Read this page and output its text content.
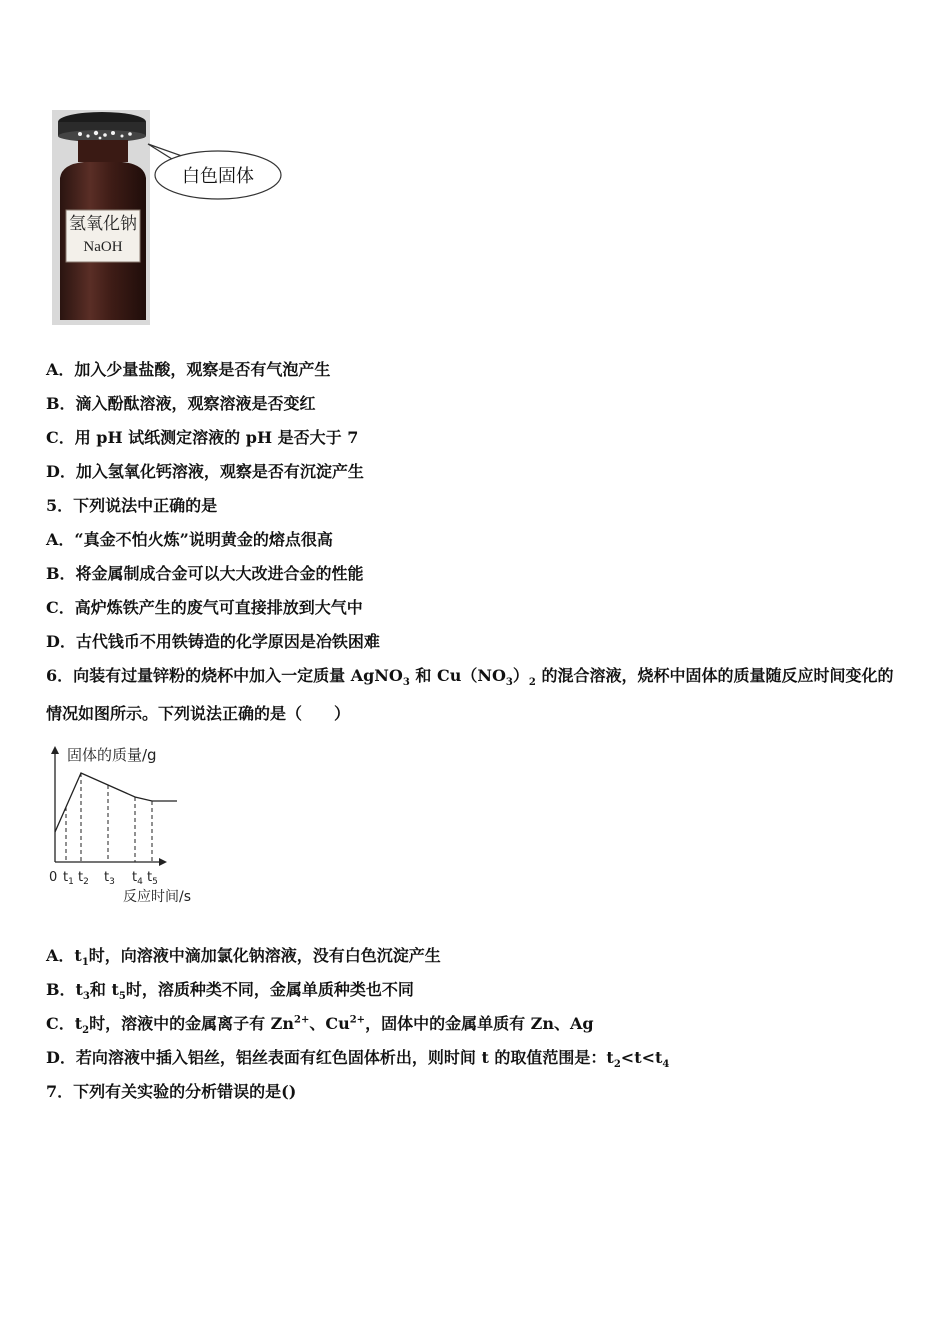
氢氧化钠
NaOH
白色固体
A．加入少量盐酸，观察是否有气泡产生
B．滴入酚酞溶液，观察溶液是否变红
C．用 pH 试纸测定溶液的 pH 是否大于 7
D．加入氢氧化钙溶液，观察是否有沉淀产生
5．下列说法中正确的是
A．“真金不怕火炼”说明黄金的熔点很高
B．将金属制成合金可以大大改进合金的性能
C．高炉炼铁产生的废气可直接排放到大气中
D．古代钱币不用铁铸造的化学原因是冶铁困难
6．向装有过量锌粉的烧杯中加入一定质量 AgNO$_3$ 和 $Cu(NO_3)_2$ 的混合溶液，烧杯中固体的质量随反应时间变化的
情况如图所示。下列说法正确的是（　　）
固体的质量/g
0 $t_1$ $t_2$ $t_3$ $t_4$ $t_5$
反应时间/s
A．$t_1$时，向溶液中滴加氯化钠溶液，没有白色沉淀产生
B．$t_3$和 $t_5$时，溶质种类不同，金属单质种类也不同
C．$t_2$时，溶液中的金属离子有 $Zn^{2+}$、$Cu^{2+}$，固体中的金属单质有 Zn、Ag
D．若向溶液中插入铝丝，铝丝表面有红色固体析出，则时间 t 的取值范围是：$t_2<t<t_4$
7．下列有关实验的分析错误的是()
